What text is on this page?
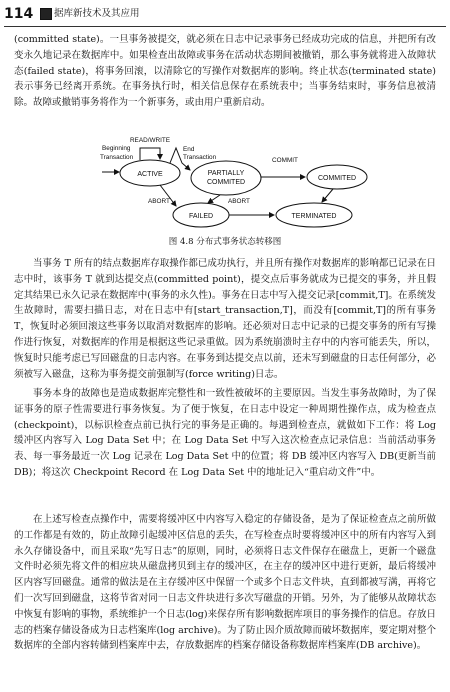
114 据库新技术及其应用

(committed state)。一旦事务被提交，就必须在日志中记录事务已经成功完成的信息，并把所有改变永久地记录在数据库中。如果检查出故障或事务在活动状态期间被撤销，那么事务就将进入故障状态(failed state)，将事务回滚，以清除它的写操作对数据库的影响。终止状态(terminated state)表示事务已经离开系统。在事务执行时，相关信息保存在系统表中；当事务结束时，事务信息被清除。故障或撤销事务将作为一个新事务，或由用户重新启动。

ACTIVE	PARTIALLY
COMMITED
COMMITED
FAILED	TERMINATED
Beginning
Transaction
READ/WRITE
End
Transaction	COMMIT
ABORT	ABORT
图 4.8 分布式事务状态转移图

当事务 T 所有的结点数据库存取操作都已成功执行，并且所有操作对数据库的影响都已记录在日志中时，该事务 T 就到达提交点(committed point)，提交点后事务就成为已提交的事务，并且假定其结果已永久记录在数据库中(事务的永久性)。事务在日志中写入提交记录[commit,T]。在系统发生故障时，需要扫描日志，对在日志中有[start_transaction,T]，而没有[commit,T]的所有事务 T，恢复时必须回滚这些事务以取消对数据库的影响。还必须对日志中记录的已提交事务的所有写操作进行恢复，对数据库的作用是根据这些记录重做。因为系统崩溃时主存中的内容可能丢失，所以，恢复时只能考虑已写回磁盘的日志内容。在事务到达提交点以前，还未写到磁盘的日志任何部分，必须被写入磁盘，这称为事务提交前强制写(force writing)日志。

事务本身的故障也是造成数据库完整性和一致性被破坏的主要原因。当发生事务故障时，为了保证事务的原子性需要进行事务恢复。为了便于恢复，在日志中设定一种周期性操作点，成为检查点(checkpoint)，以标识检查点前已执行完的事务是正确的。每遇到检查点，就做如下工作：将 Log 缓冲区内容写入 Log Data Set 中；在 Log Data Set 中写入这次检查点记录信息：当前活动事务表、每一事务最近一次 Log 记录在 Log Data Set 中的位置；将 DB 缓冲区内容写入 DB(更新当前 DB)；将这次 Checkpoint Record 在 Log Data Set 中的地址记入“重启动文件”中。

在上述写检查点操作中，需要将缓冲区中内容写入稳定的存储设备，是为了保证检查点之前所做的工作都是有效的，防止故障引起缓冲区信息的丢失，在写检查点时要将缓冲区中的所有内容写入到永久存储设备中，而且采取“先写日志”的原则，同时，必须将日志文件保存在磁盘上，更新一个磁盘文件时必须先将文件的相应块从磁盘拷贝到主存的缓冲区，在主存的缓冲区中进行更新，最后将缓冲区内容写回磁盘。通常的做法是在主存缓冲区中保留一个或多个日志文件块，直到都被写满，再将它们一次写回到磁盘，这将节省对同一日志文件块进行多次写磁盘的开销。另外，为了能够从故障状态中恢复有影响的事物，系统维护一个日志(log)来保存所有影响数据库项目的事务操作的信息。存放日志的档案存储设备成为日志档案库(log archive)。为了防止因介质故障而破坏数据库，要定期对整个数据库的全部内容转储到档案库中去，存放数据库的档案存储设备称数据库档案库(DB archive)。
